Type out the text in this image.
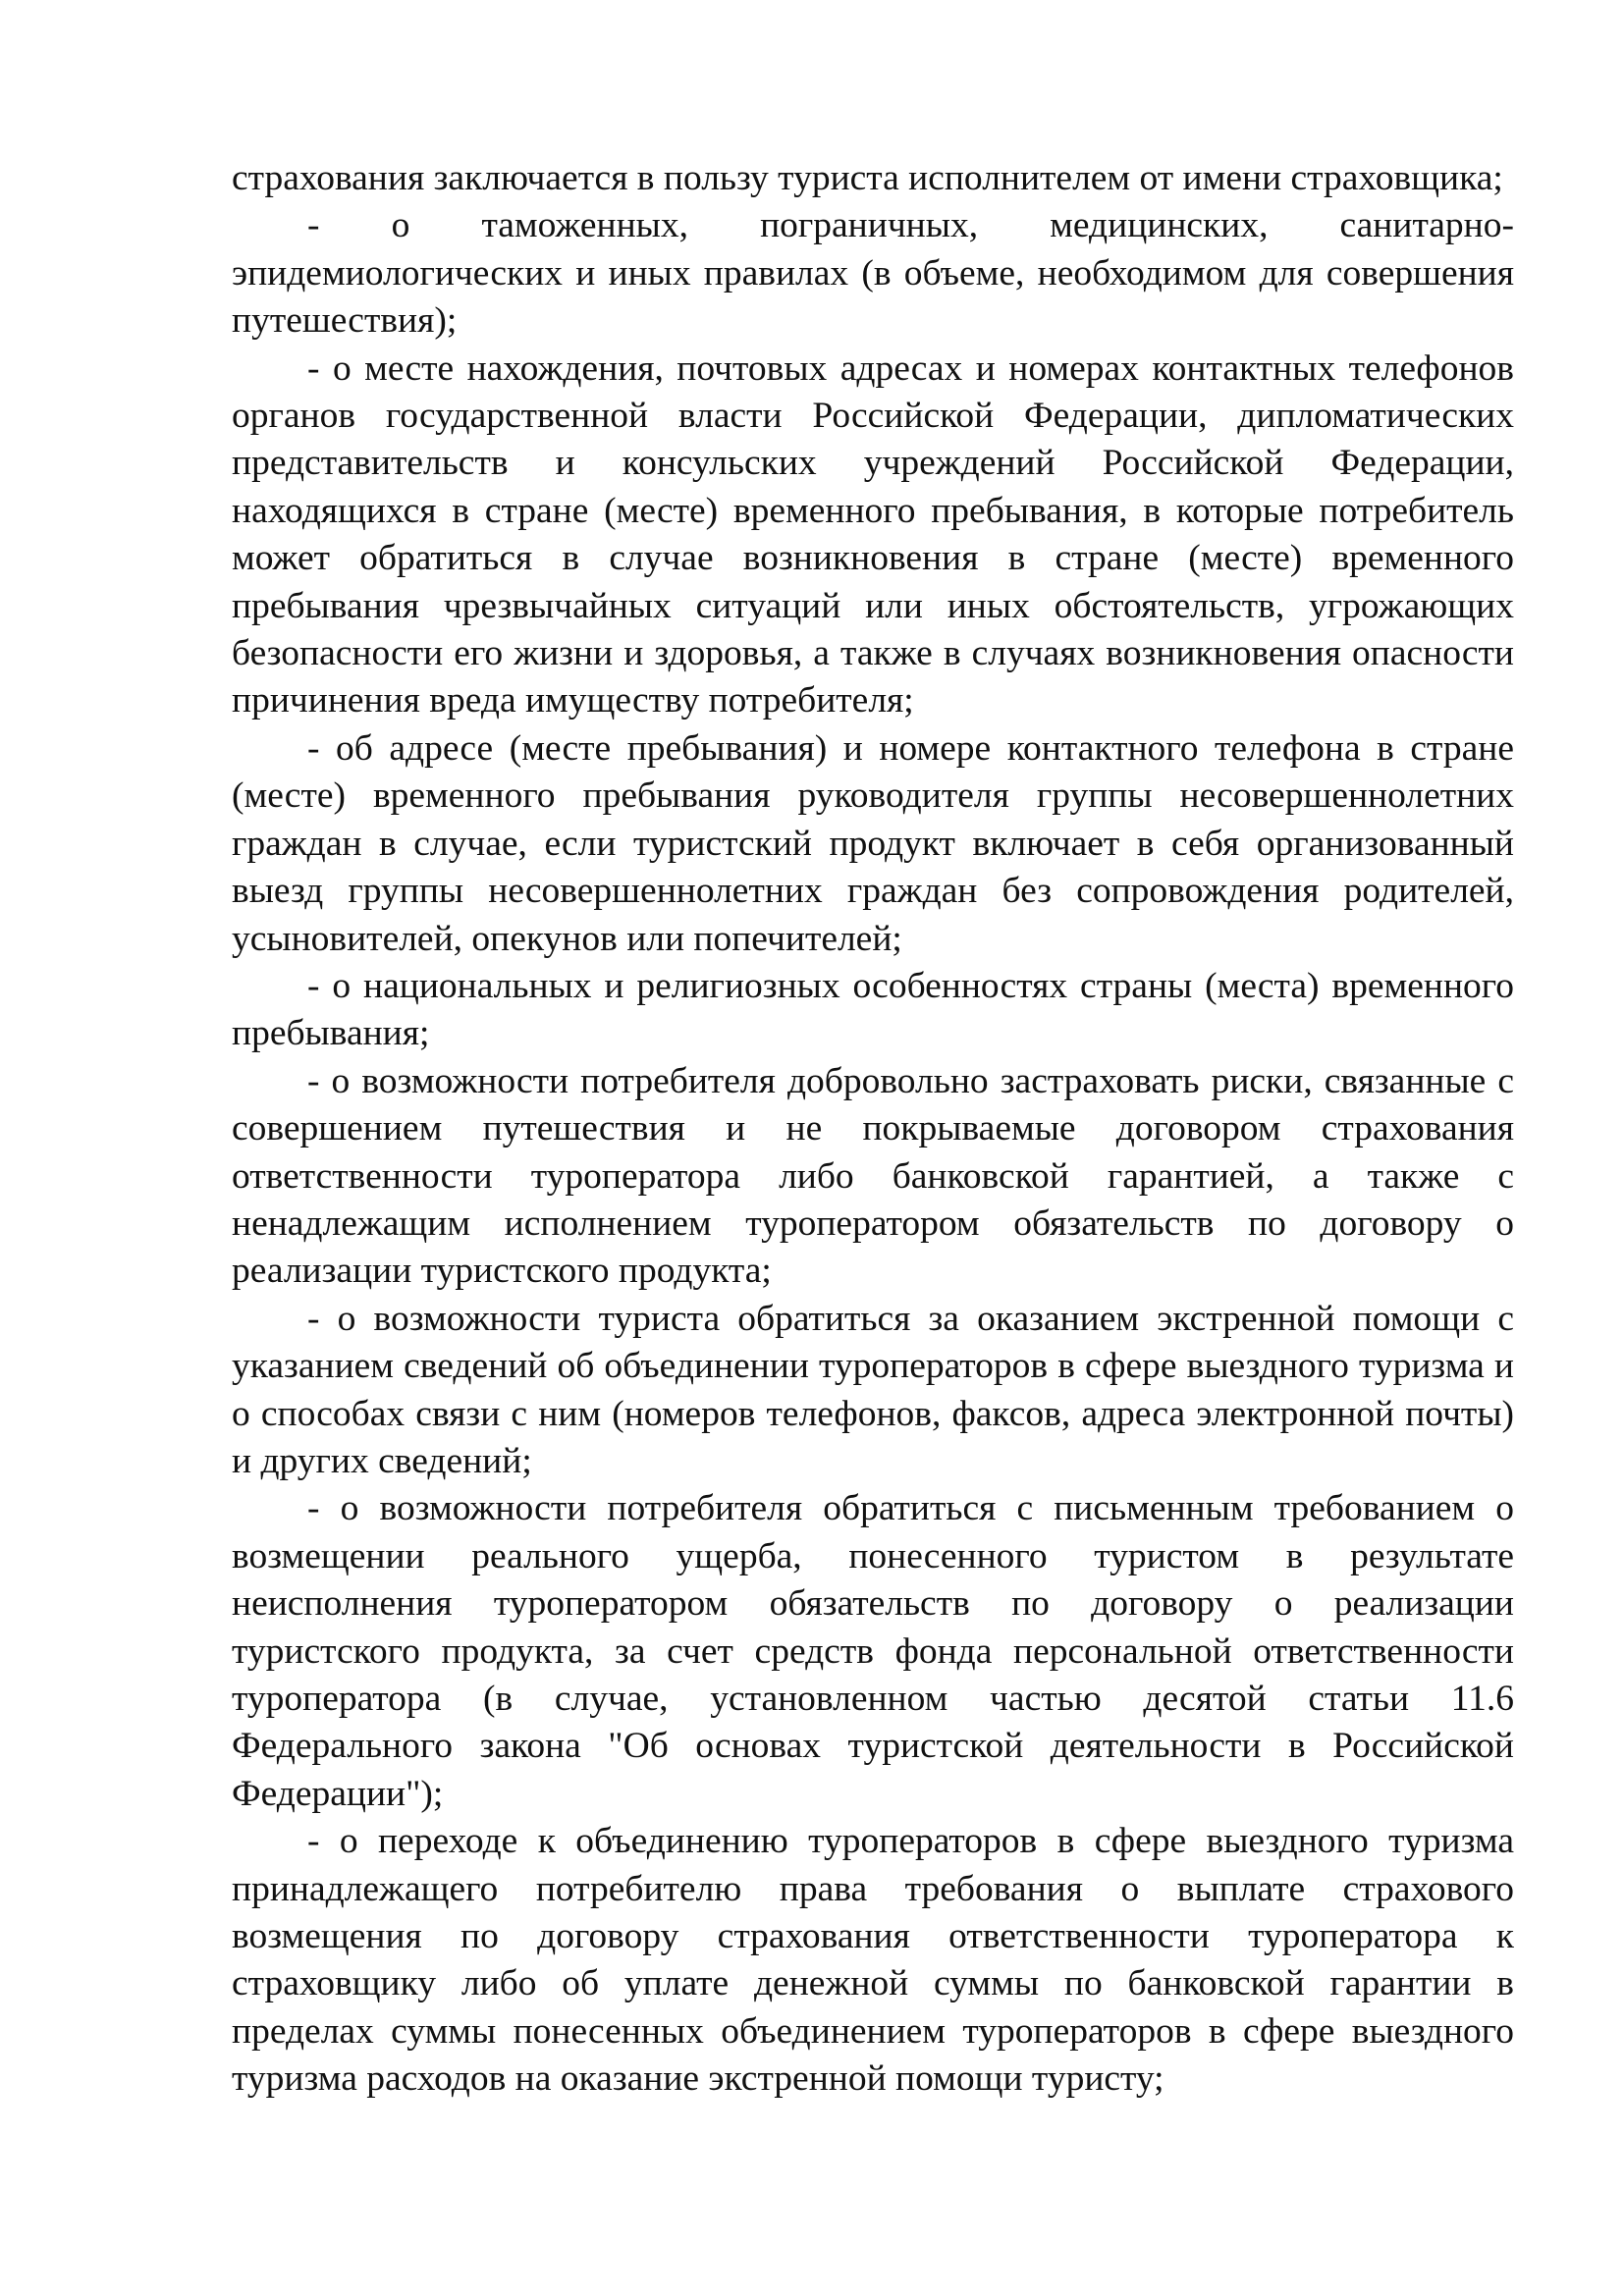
страхования заключается в пользу туриста исполнителем от имени страховщика;

- о таможенных, пограничных, медицинских, санитарно-эпидемиологических и иных правилах (в объеме, необходимом для совершения путешествия);

- о месте нахождения, почтовых адресах и номерах контактных телефонов органов государственной власти Российской Федерации, дипломатических представительств и консульских учреждений Российской Федерации, находящихся в стране (месте) временного пребывания, в которые потребитель может обратиться в случае возникновения в стране (месте) временного пребывания чрезвычайных ситуаций или иных обстоятельств, угрожающих безопасности его жизни и здоровья, а также в случаях возникновения опасности причинения вреда имуществу потребителя;

- об адресе (месте пребывания) и номере контактного телефона в стране (месте) временного пребывания руководителя группы несовершеннолетних граждан в случае, если туристский продукт включает в себя организованный выезд группы несовершеннолетних граждан без сопровождения родителей, усыновителей, опекунов или попечителей;

- о национальных и религиозных особенностях страны (места) временного пребывания;

- о возможности потребителя добровольно застраховать риски, связанные с совершением путешествия и не покрываемые договором страхования ответственности туроператора либо банковской гарантией, а также с ненадлежащим исполнением туроператором обязательств по договору о реализации туристского продукта;

- о возможности туриста обратиться за оказанием экстренной помощи с указанием сведений об объединении туроператоров в сфере выездного туризма и о способах связи с ним (номеров телефонов, факсов, адреса электронной почты) и других сведений;

- о возможности потребителя обратиться с письменным требованием о возмещении реального ущерба, понесенного туристом в результате неисполнения туроператором обязательств по договору о реализации туристского продукта, за счет средств фонда персональной ответственности туроператора (в случае, установленном частью десятой статьи 11.6 Федерального закона "Об основах туристской деятельности в Российской Федерации");

- о переходе к объединению туроператоров в сфере выездного туризма принадлежащего потребителю права требования о выплате страхового возмещения по договору страхования ответственности туроператора к страховщику либо об уплате денежной суммы по банковской гарантии в пределах суммы понесенных объединением туроператоров в сфере выездного туризма расходов на оказание экстренной помощи туристу;
